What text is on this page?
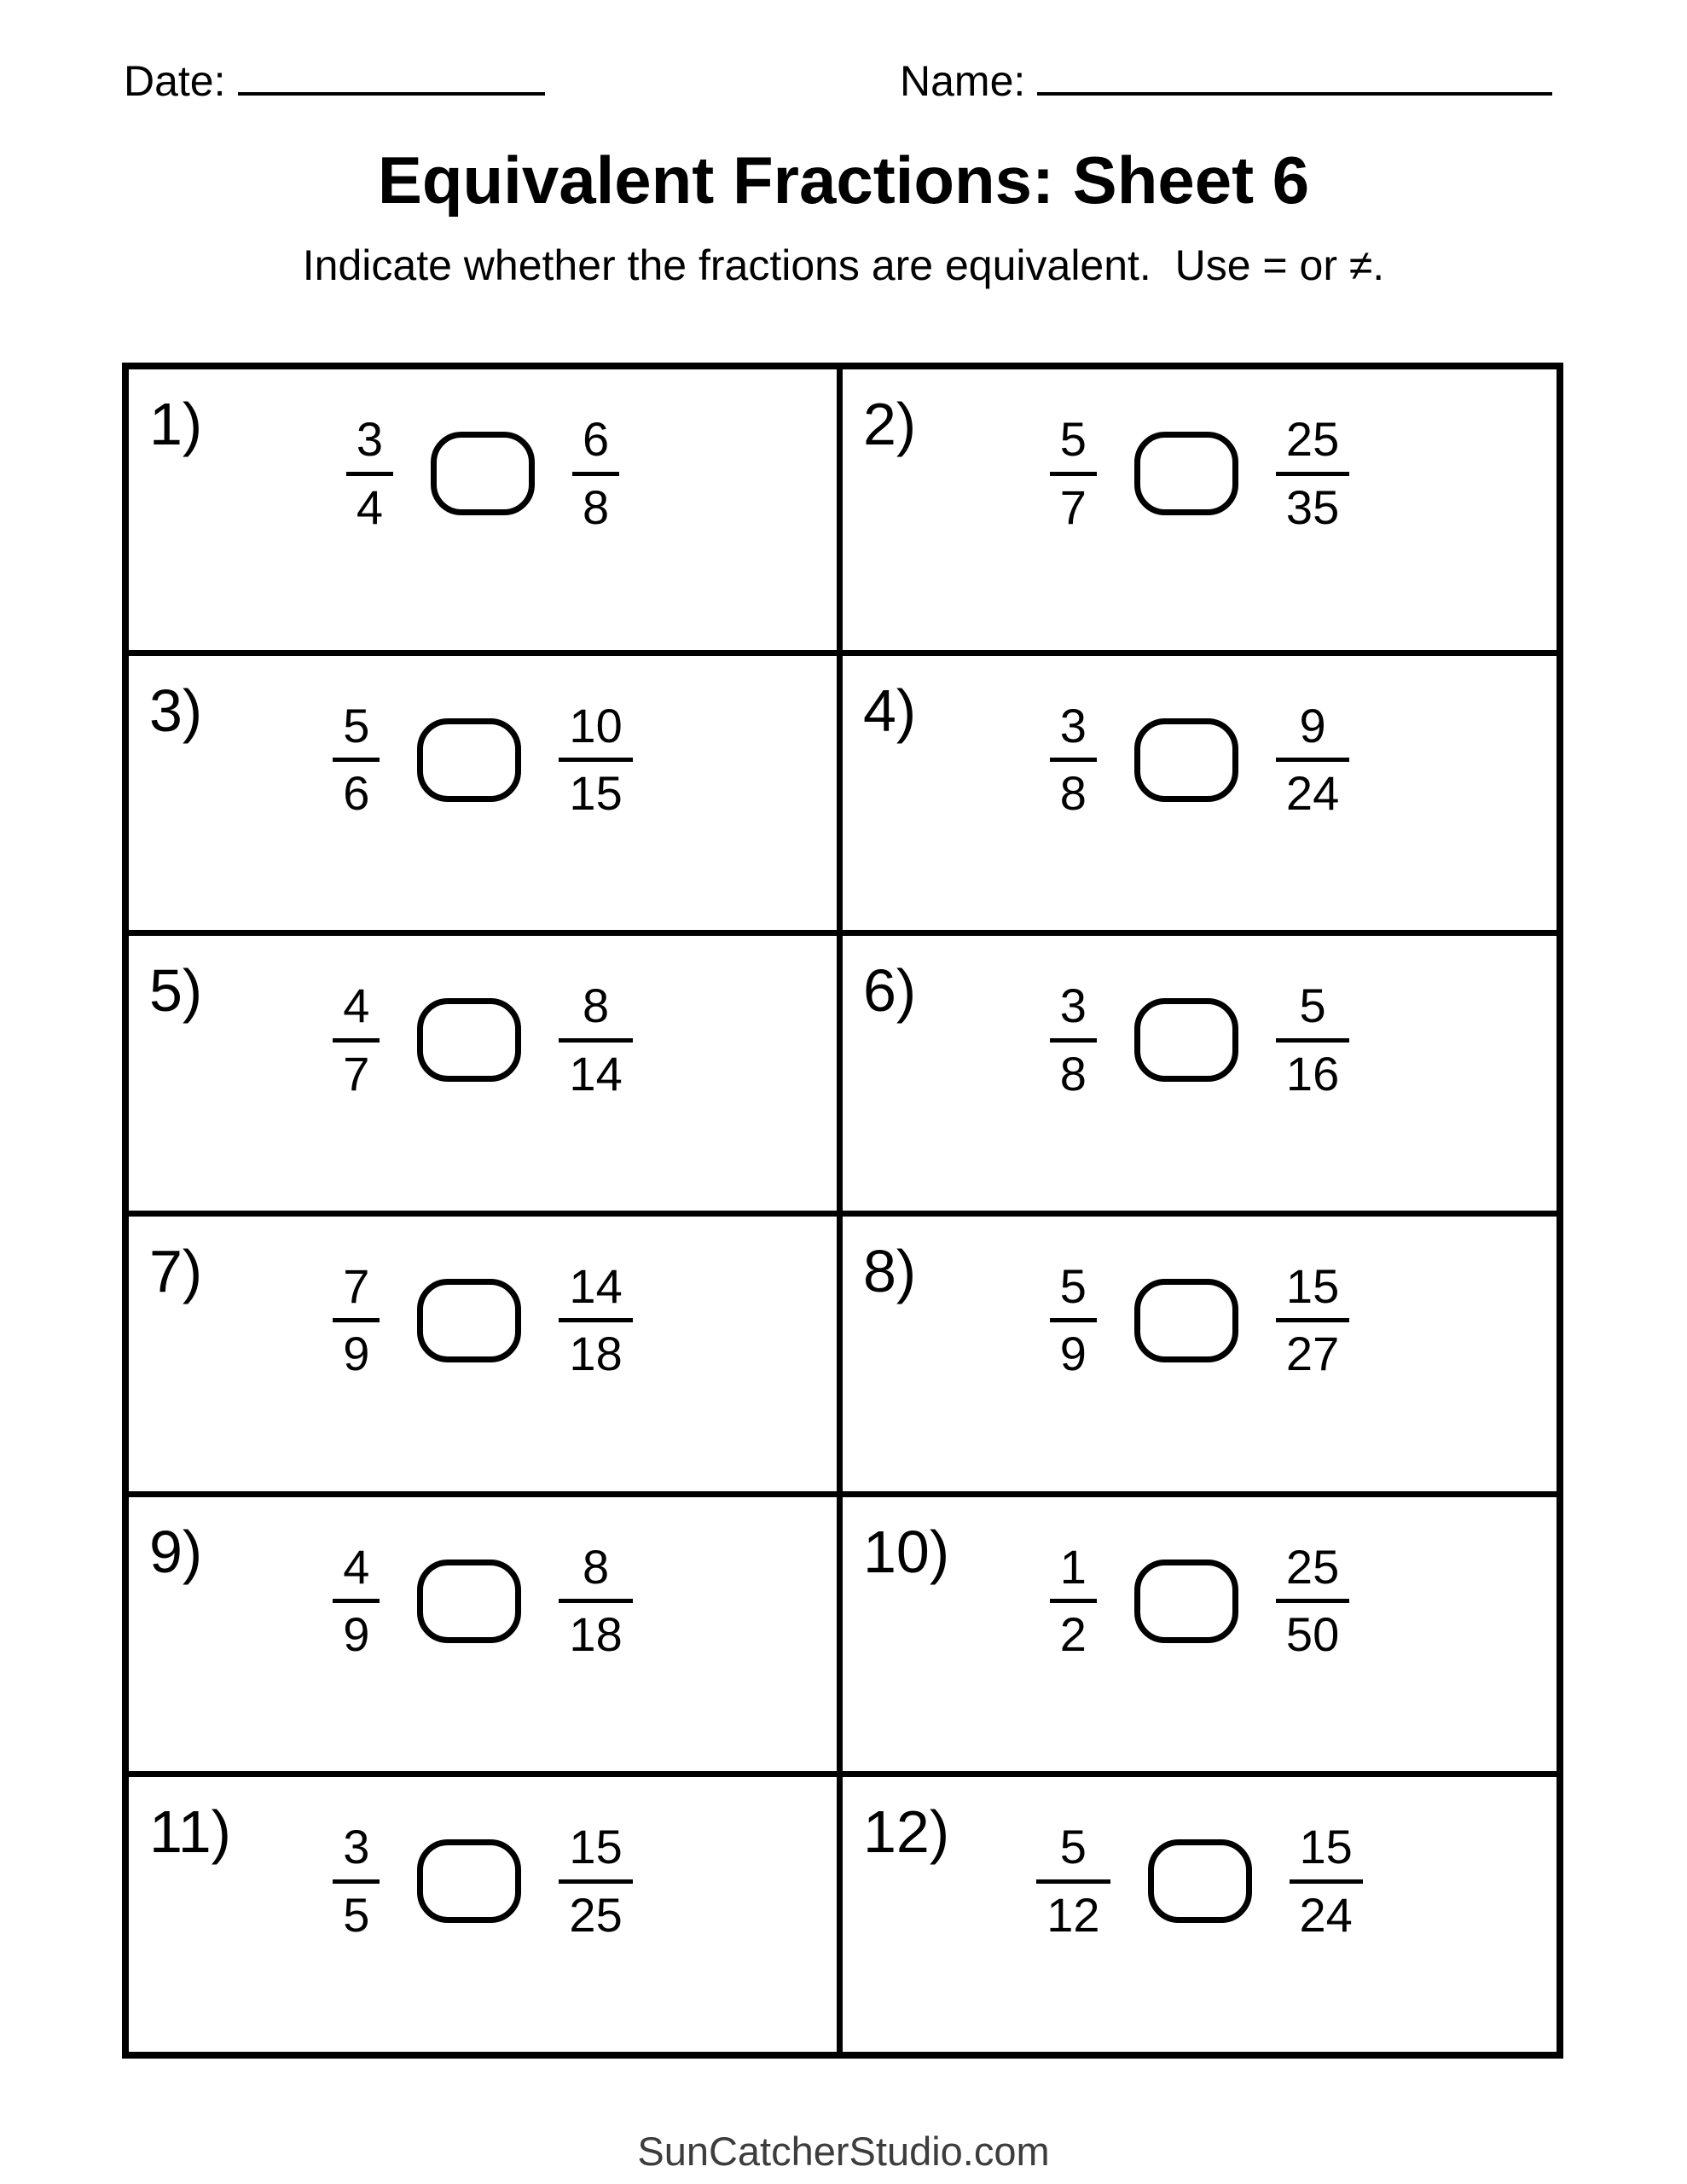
Date:	Name:
Equivalent Fractions: Sheet 6
Indicate whether the fractions are equivalent.  Use = or ≠.
1)	$\frac{3}{4}$	$\frac{6}{8}$	2)	$\frac{5}{7}$	$\frac{25}{35}$
3)	$\frac{5}{6}$	$\frac{10}{15}$	4)	$\frac{3}{8}$	$\frac{9}{24}$
5)	$\frac{4}{7}$	$\frac{8}{14}$	6)	$\frac{3}{8}$	$\frac{5}{16}$
7)	$\frac{7}{9}$	$\frac{14}{18}$	8)	$\frac{5}{9}$	$\frac{15}{27}$
9)	$\frac{4}{9}$	$\frac{8}{18}$	$10) \frac{1}{2}$	$\frac{25}{50}$
$11) \frac{3}{5}$	$\frac{15}{25}$	$12) \frac{5}{12}$	$\frac{15}{24}$
SunCatcherStudio.com
